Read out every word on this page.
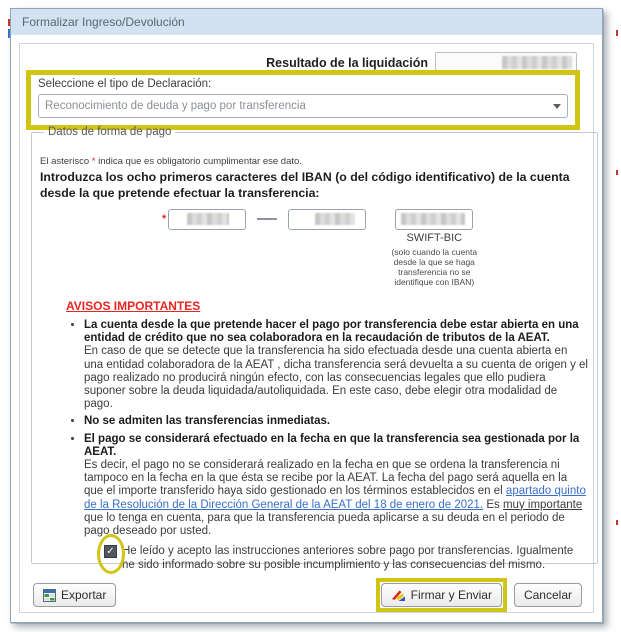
Formalizar Ingreso/Devolución
Resultado de la liquidación
Seleccione el tipo de Declaración:
Reconocimiento de deuda y pago por transferencia
Datos de forma de pago
El asterisco * indica que es obligatorio cumplimentar ese dato.
Introduzca los ocho primeros caracteres del IBAN (o del código identificativo) de la cuenta desde la que pretende efectuar la transferencia:
*
SWIFT-BIC
(solo cuando la cuenta desde la que se haga transferencia no se identifique con IBAN)
AVISOS IMPORTANTES
• La cuenta desde la que pretende hacer el pago por transferencia debe estar abierta en una entidad de crédito que no sea colaboradora en la recaudación de tributos de la AEAT.
En caso de que se detecte que la transferencia ha sido efectuada desde una cuenta abierta en una entidad colaboradora de la AEAT , dicha transferencia será devuelta a su cuenta de origen y el pago realizado no producirá ningún efecto, con las consecuencias legales que ello pudiera suponer sobre la deuda liquidada/autoliquidada. En este caso, debe elegir otra modalidad de pago.
• No se admiten las transferencias inmediatas.
• El pago se considerará efectuado en la fecha en que la transferencia sea gestionada por la AEAT.
Es decir, el pago no se considerará realizado en la fecha en que se ordena la transferencia ni tampoco en la fecha en la que ésta se recibe por la AEAT. La fecha del pago será aquella en la que el importe transferido haya sido gestionado en los términos establecidos en el apartado quinto de la Resolución de la Dirección General de la AEAT del 18 de enero de 2021. Es muy importante que lo tenga en cuenta, para que la transferencia pueda aplicarse a su deuda en el periodo de pago deseado por usted.
✓
He leído y acepto las instrucciones anteriores sobre pago por transferencias. Igualmente he sido informado sobre su posible incumplimiento y las consecuencias del mismo.
Exportar	Firmar y Enviar	Cancelar
